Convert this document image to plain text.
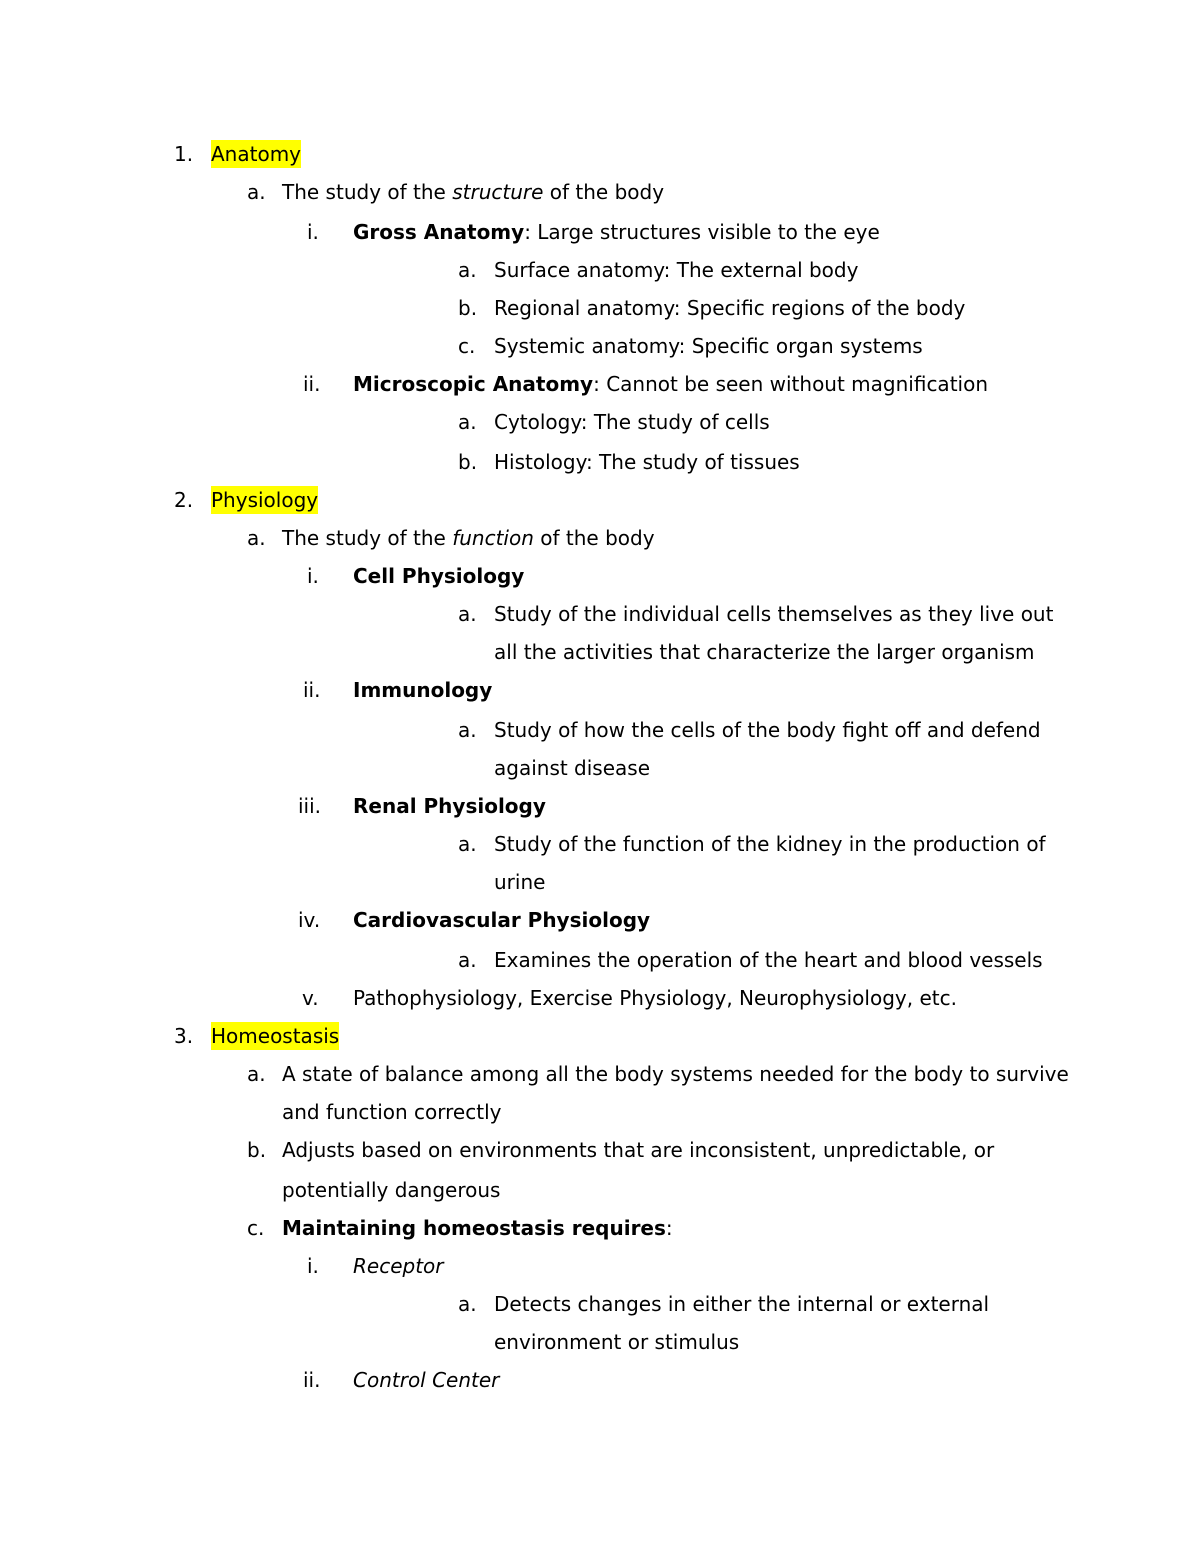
1. Anatomy
a. The study of the structure of the body
i. Gross Anatomy: Large structures visible to the eye
a. Surface anatomy: The external body
b. Regional anatomy: Specific regions of the body
c. Systemic anatomy: Specific organ systems
ii. Microscopic Anatomy: Cannot be seen without magnification
a. Cytology: The study of cells
b. Histology: The study of tissues
2. Physiology
a. The study of the function of the body
i. Cell Physiology
a. Study of the individual cells themselves as they live out
all the activities that characterize the larger organism
ii. Immunology
a. Study of how the cells of the body fight off and defend
against disease
iii. Renal Physiology
a. Study of the function of the kidney in the production of
urine
iv. Cardiovascular Physiology
a. Examines the operation of the heart and blood vessels
v. Pathophysiology, Exercise Physiology, Neurophysiology, etc.
3. Homeostasis
a. A state of balance among all the body systems needed for the body to survive
and function correctly
b. Adjusts based on environments that are inconsistent, unpredictable, or
potentially dangerous
c. Maintaining homeostasis requires:
i. Receptor
a. Detects changes in either the internal or external
environment or stimulus
ii. Control Center
